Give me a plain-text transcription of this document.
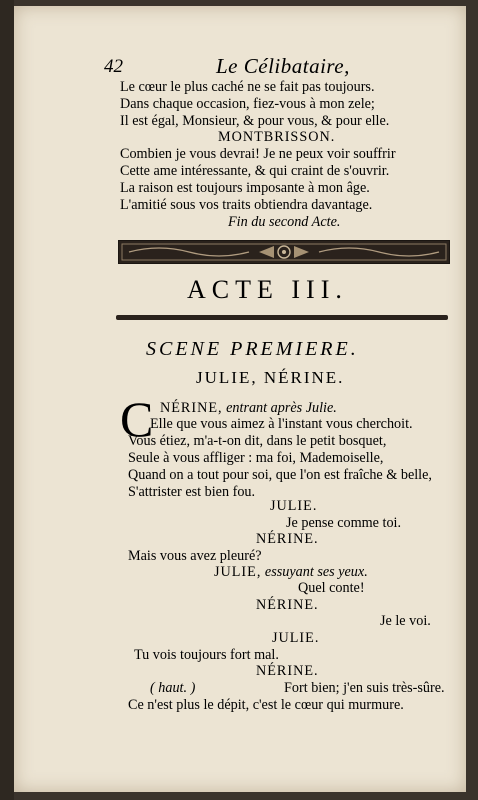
42	Le Célibataire,
Le cœur le plus caché ne se fait pas toujours.
Dans chaque occasion, fiez-vous à mon zele;
Il est égal, Monsieur, & pour vous, & pour elle.
MONTBRISSON.
Combien je vous devrai! Je ne peux voir souffrir
Cette ame intéressante, & qui craint de s'ouvrir.
La raison est toujours imposante à mon âge.
L'amitié sous vos traits obtiendra davantage.
Fin du second Acte.
ACTE III.
SCENE PREMIERE.
JULIE, NÉRINE.
C NÉRINE, entrant après Julie.
Elle que vous aimez à l'instant vous cherchoit.
Vous étiez, m'a-t-on dit, dans le petit bosquet,
Seule à vous affliger : ma foi, Mademoiselle,
Quand on a tout pour soi, que l'on est fraîche & belle,
S'attrister est bien fou.
JULIE.
Je pense comme toi.
NÉRINE.
Mais vous avez pleuré?
JULIE, essuyant ses yeux.
Quel conte!
NÉRINE.
Je le voi.
JULIE.
Tu vois toujours fort mal.
NÉRINE.
( haut. )	Fort bien; j'en suis très-sûre.
Ce n'est plus le dépit, c'est le cœur qui murmure.
